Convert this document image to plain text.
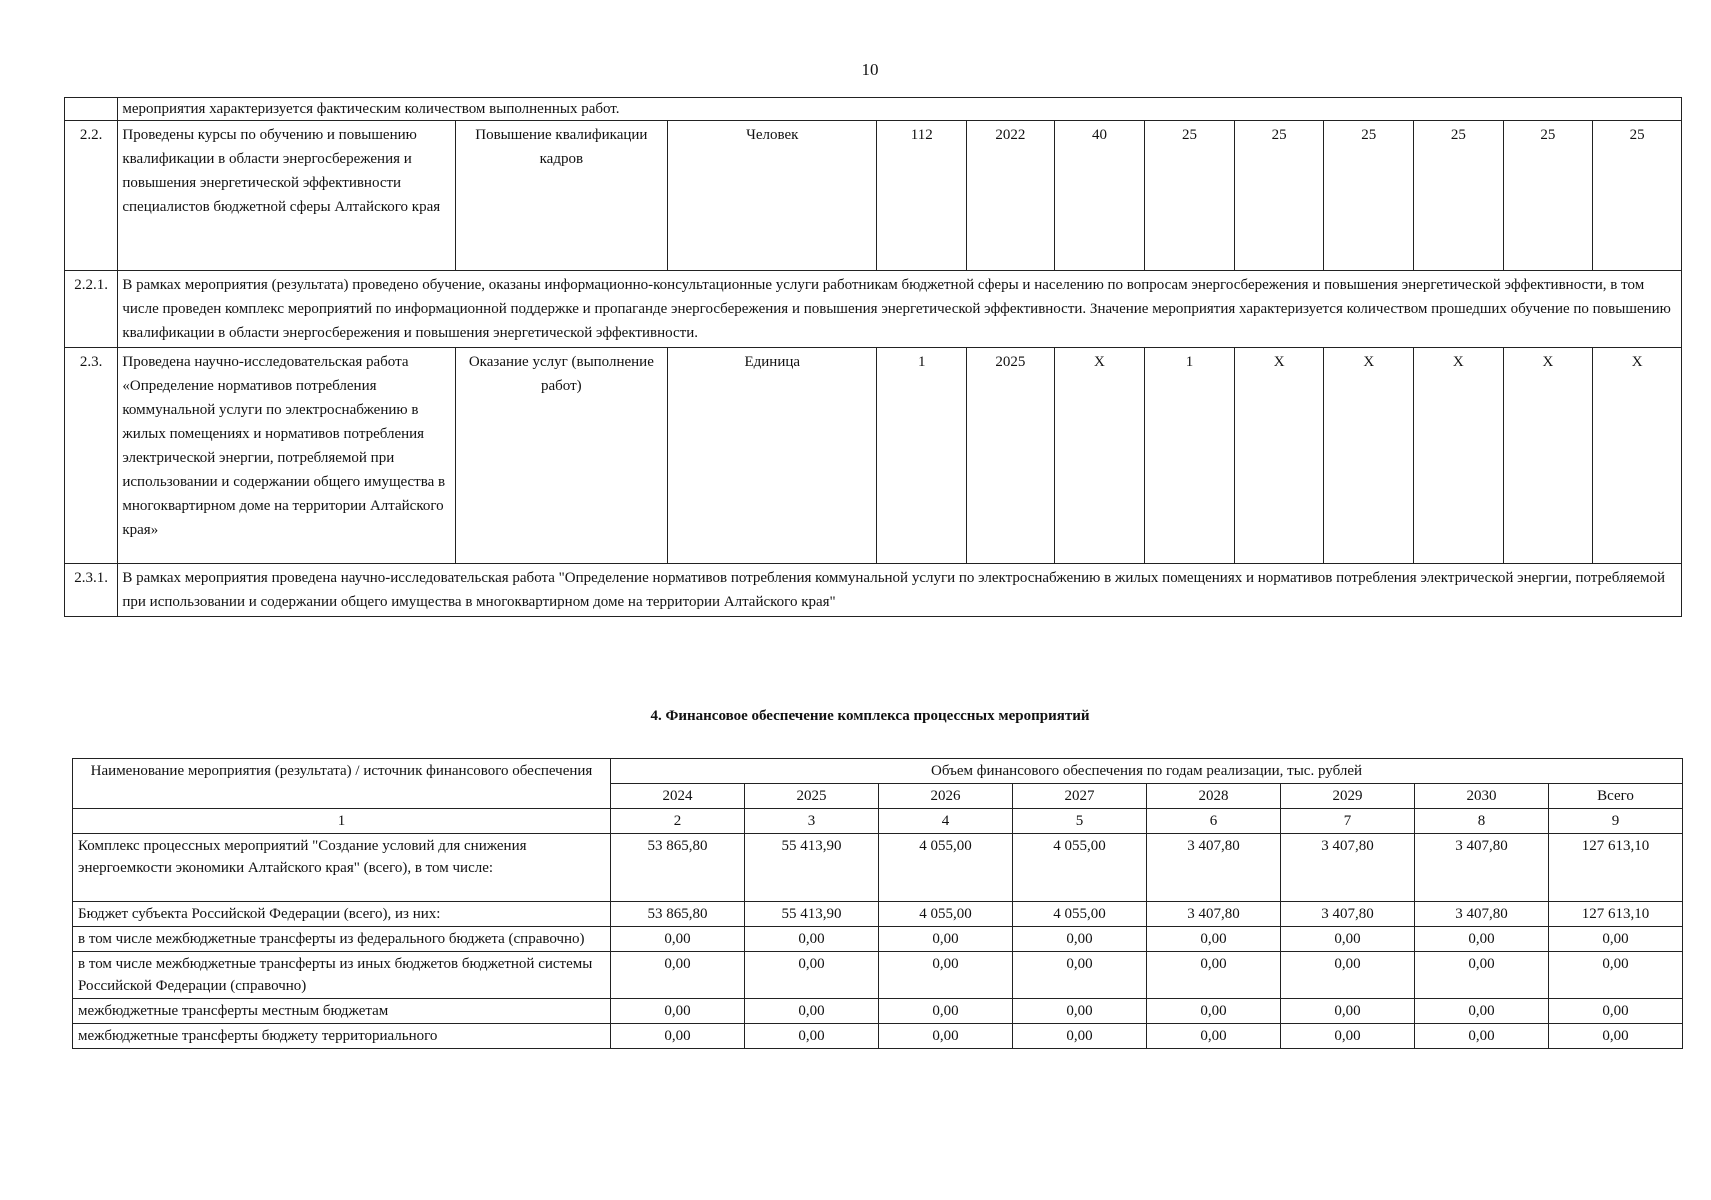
10
	мероприятия характеризуется фактическим количеством выполненных работ.											
2.2.	Проведены курсы по обучению и повышению квалификации в области энергосбережения и повышения энергетической эффективности специалистов бюджетной сферы Алтайского края	Повышение квалификации кадров	Человек	112	2022	40	25	25	25	25	25	25
2.2.1.	В рамках мероприятия (результата) проведено обучение, оказаны информационно-консультационные услуги работникам бюджетной сферы и населению по вопросам энергосбережения и повышения энергетической эффективности, в том числе проведен комплекс мероприятий по информационной поддержке и пропаганде энергосбережения и повышения энергетической эффективности. Значение мероприятия характеризуется количеством прошедших обучение по повышению квалификации в области энергосбережения и повышения энергетической эффективности.											
2.3.	Проведена научно-исследовательская работа «Определение нормативов потребления коммунальной услуги по электроснабжению в жилых помещениях и нормативов потребления электрической энергии, потребляемой при использовании и содержании общего имущества в многоквартирном доме на территории Алтайского края»	Оказание услуг (выполнение работ)	Единица	1	2025	Х	1	Х	Х	Х	Х	Х
2.3.1.	В рамках мероприятия проведена научно-исследовательская работа "Определение нормативов потребления коммунальной услуги по электроснабжению в жилых помещениях и нормативов потребления электрической энергии, потребляемой при использовании и содержании общего имущества в многоквартирном доме на территории Алтайского края"											
4. Финансовое обеспечение комплекса процессных мероприятий
Наименование мероприятия (результата) / источник финансового обеспечения	Объем финансового обеспечения по годам реализации, тыс. рублей							
	2024	2025	2026	2027	2028	2029	2030	Всего
1	2	3	4	5	6	7	8	9
Комплекс процессных мероприятий "Создание условий для снижения энергоемкости экономики Алтайского края" (всего), в том числе:	53 865,80	55 413,90	4 055,00	4 055,00	3 407,80	3 407,80	3 407,80	127 613,10
Бюджет субъекта Российской Федерации (всего), из них:	53 865,80	55 413,90	4 055,00	4 055,00	3 407,80	3 407,80	3 407,80	127 613,10
в том числе межбюджетные трансферты из федерального бюджета (справочно)	0,00	0,00	0,00	0,00	0,00	0,00	0,00	0,00
в том числе межбюджетные трансферты из иных бюджетов бюджетной системы Российской Федерации (справочно)	0,00	0,00	0,00	0,00	0,00	0,00	0,00	0,00
межбюджетные трансферты местным бюджетам	0,00	0,00	0,00	0,00	0,00	0,00	0,00	0,00
межбюджетные трансферты бюджету территориального	0,00	0,00	0,00	0,00	0,00	0,00	0,00	0,00
